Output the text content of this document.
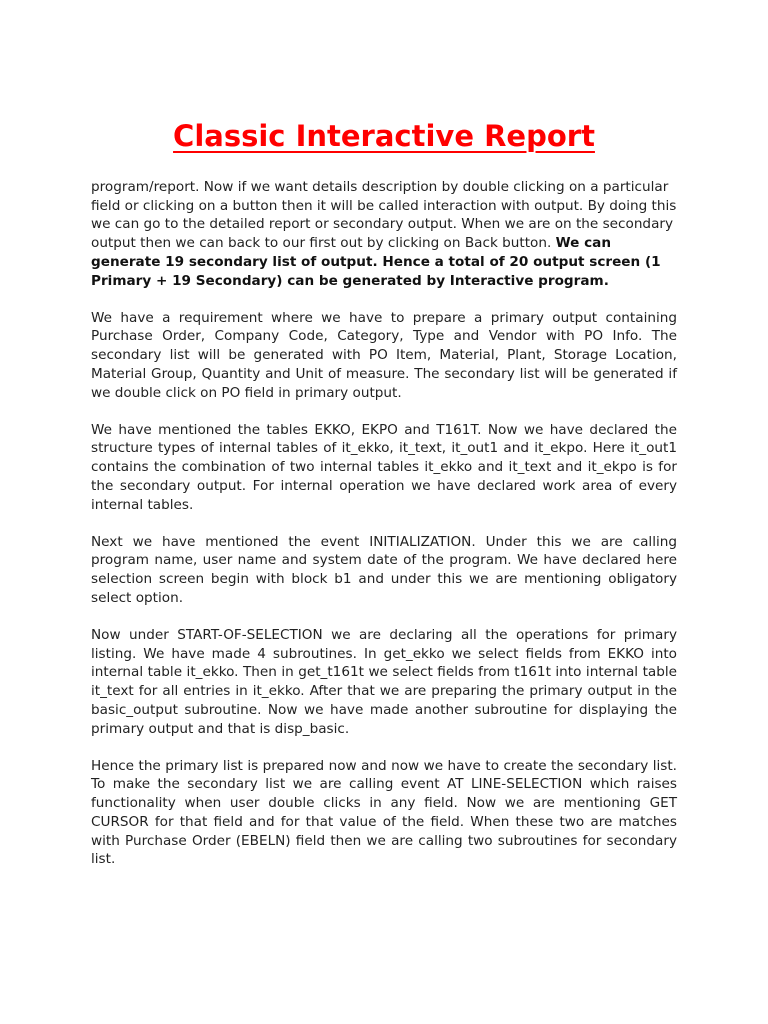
Classic Interactive Report

program/report. Now if we want details description by double clicking on a particular field or clicking on a button then it will be called interaction with output. By doing this we can go to the detailed report or secondary output. When we are on the secondary output then we can back to our first out by clicking on Back button. We can generate 19 secondary list of output. Hence a total of 20 output screen (1 Primary + 19 Secondary) can be generated by Interactive program.

We have a requirement where we have to prepare a primary output containing Purchase Order, Company Code, Category, Type and Vendor with PO Info. The secondary list will be generated with PO Item, Material, Plant, Storage Location, Material Group, Quantity and Unit of measure. The secondary list will be generated if we double click on PO field in primary output.

We have mentioned the tables EKKO, EKPO and T161T. Now we have declared the structure types of internal tables of it_ekko, it_text, it_out1 and it_ekpo. Here it_out1 contains the combination of two internal tables it_ekko and it_text and it_ekpo is for the secondary output. For internal operation we have declared work area of every internal tables.

Next we have mentioned the event INITIALIZATION. Under this we are calling program name, user name and system date of the program. We have declared here selection screen begin with block b1 and under this we are mentioning obligatory select option.

Now under START-OF-SELECTION we are declaring all the operations for primary listing. We have made 4 subroutines. In get_ekko we select fields from EKKO into internal table it_ekko. Then in get_t161t we select fields from t161t into internal table it_text for all entries in it_ekko. After that we are preparing the primary output in the basic_output subroutine. Now we have made another subroutine for displaying the primary output and that is disp_basic.

Hence the primary list is prepared now and now we have to create the secondary list. To make the secondary list we are calling event AT LINE-SELECTION which raises functionality when user double clicks in any field. Now we are mentioning GET CURSOR for that field and for that value of the field. When these two are matches with Purchase Order (EBELN) field then we are calling two subroutines for secondary list.
